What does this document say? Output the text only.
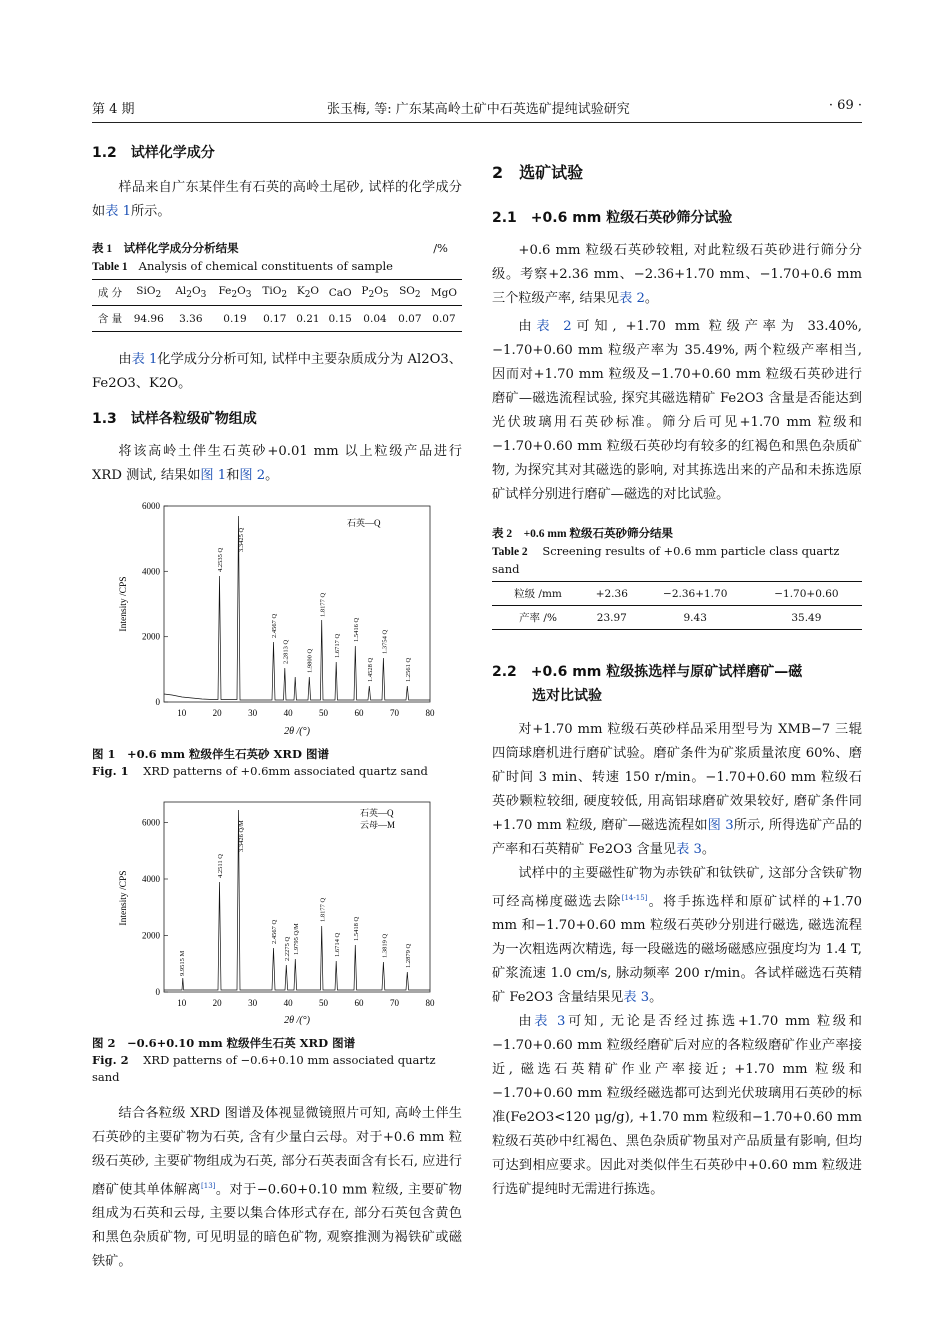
第 4 期	张玉梅, 等: 广东某高岭土矿中石英选矿提纯试验研究	· 69 ·
1.2　试样化学成分

样品来自广东某伴生有石英的高岭土尾砂, 试样的化学成分如表 1所示。

表 1　试样化学成分分析结果	/%
Table 1 Analysis of chemical constituents of sample
成 分	SiO$_2$	$Al_2O_3$	$Fe_2O_3$	TiO$_2$	$K_2O$	CaO	$P_2O_5$	$SO_2$	MgO
含 量	94.96	3.36	0.19	0.17	0.21	0.15	0.04	0.07	0.07

由表 1化学成分分析可知, 试样中主要杂质成分为 Al2O3、Fe2O3、K2O。

1.3　试样各粒级矿物组成

将该高岭土伴生石英砂+0.01 mm 以上粒级产品进行 XRD 测试, 结果如图 1和图 2。

0
2000
4000
6000
10	20	30	40	50	60	70	80
4.2535 Q
3.3425 Q
2.4567 Q
2.2813 Q	1.9800 Q
1.8177 Q
1.6717 Q
1.5416 Q
1.4528 Q
1.3754 Q
1.2561 Q
石英—Q
Intensity /CPS
2θ /(°)
图 1　+0.6 mm 粒级伴生石英砂 XRD 图谱
Fig. 1 XRD patterns of +0.6mm associated quartz sand
0
2000
4000
6000
10	20	30	40	50	60	70	80
9.9515 M
4.2511 Q
3.3426 Q/M
2.4567 Q
2.2275 Q 1.9795 Q/M
1.8177 Q
1.6714 Q
1.5418 Q
1.3819 Q	1.2879 Q
石英—Q
云母—M
Intensity /CPS
2θ /(°)
图 2　−0.6+0.10 mm 粒级伴生石英 XRD 图谱
Fig. 2 XRD patterns of −0.6+0.10 mm associated quartz sand

结合各粒级 XRD 图谱及体视显微镜照片可知, 高岭土伴生石英砂的主要矿物为石英, 含有少量白云母。对于+0.6 mm 粒级石英砂, 主要矿物组成为石英, 部分石英表面含有长石, 应进行磨矿使其单体解离[13]。对于−0.60+0.10 mm 粒级, 主要矿物组成为石英和云母, 主要以集合体形式存在, 部分石英包含黄色和黑色杂质矿物, 可见明显的暗色矿物, 观察推测为褐铁矿或磁铁矿。

2　选矿试验
2.1　+0.6 mm 粒级石英砂筛分试验

+0.6 mm 粒级石英砂较粗, 对此粒级石英砂进行筛分分级。考察+2.36 mm、−2.36+1.70 mm、−1.70+0.6 mm 三个粒级产率, 结果见表 2。

由表 2可知, +1.70 mm 粒级产率为 33.40%, −1.70+0.60 mm 粒级产率为 35.49%, 两个粒级产率相当, 因而对+1.70 mm 粒级及−1.70+0.60 mm 粒级石英砂进行磨矿—磁选流程试验, 探究其磁选精矿 Fe2O3 含量是否能达到光伏玻璃用石英砂标准。筛分后可见+1.70 mm 粒级和−1.70+0.60 mm 粒级石英砂均有较多的红褐色和黑色杂质矿物, 为探究其对其磁选的影响, 对其拣选出来的产品和未拣选原矿试样分别进行磨矿—磁选的对比试验。

表 2　+0.6 mm 粒级石英砂筛分结果
Table 2 Screening results of +0.6 mm particle class quartz sand
粒级 /mm	+2.36	−2.36+1.70	−1.70+0.60
产率 /%	23.97	9.43	35.49
2.2　+0.6 mm 粒级拣选样与原矿试样磨矿—磁
选对比试验

对+1.70 mm 粒级石英砂样品采用型号为 XMB−7 三辊四筒球磨机进行磨矿试验。磨矿条件为矿浆质量浓度 60%、磨矿时间 3 min、转速 150 r/min。−1.70+0.60 mm 粒级石英砂颗粒较细, 硬度较低, 用高铝球磨矿效果较好, 磨矿条件同+1.70 mm 粒级, 磨矿—磁选流程如图 3所示, 所得选矿产品的产率和石英精矿 Fe2O3 含量见表 3。

试样中的主要磁性矿物为赤铁矿和钛铁矿, 这部分含铁矿物可经高梯度磁选去除[14-15]。将手拣选样和原矿试样的+1.70 mm 和−1.70+0.60 mm 粒级石英砂分别进行磁选, 磁选流程为一次粗选两次精选, 每一段磁选的磁场磁感应强度均为 1.4 T, 矿浆流速 1.0 cm/s, 脉动频率 200 r/min。各试样磁选石英精矿 Fe2O3 含量结果见表 3。

由表 3可知, 无论是否经过拣选+1.70 mm 粒级和−1.70+0.60 mm 粒级经磨矿后对应的各粒级磨矿作业产率接近, 磁选石英精矿作业产率接近; +1.70 mm 粒级和−1.70+0.60 mm 粒级经磁选都可达到光伏玻璃用石英砂的标准(Fe2O3<120 μg/g), +1.70 mm 粒级和−1.70+0.60 mm 粒级石英砂中红褐色、黑色杂质矿物虽对产品质量有影响, 但均可达到相应要求。因此对类似伴生石英砂中+0.60 mm 粒级进行选矿提纯时无需进行拣选。
